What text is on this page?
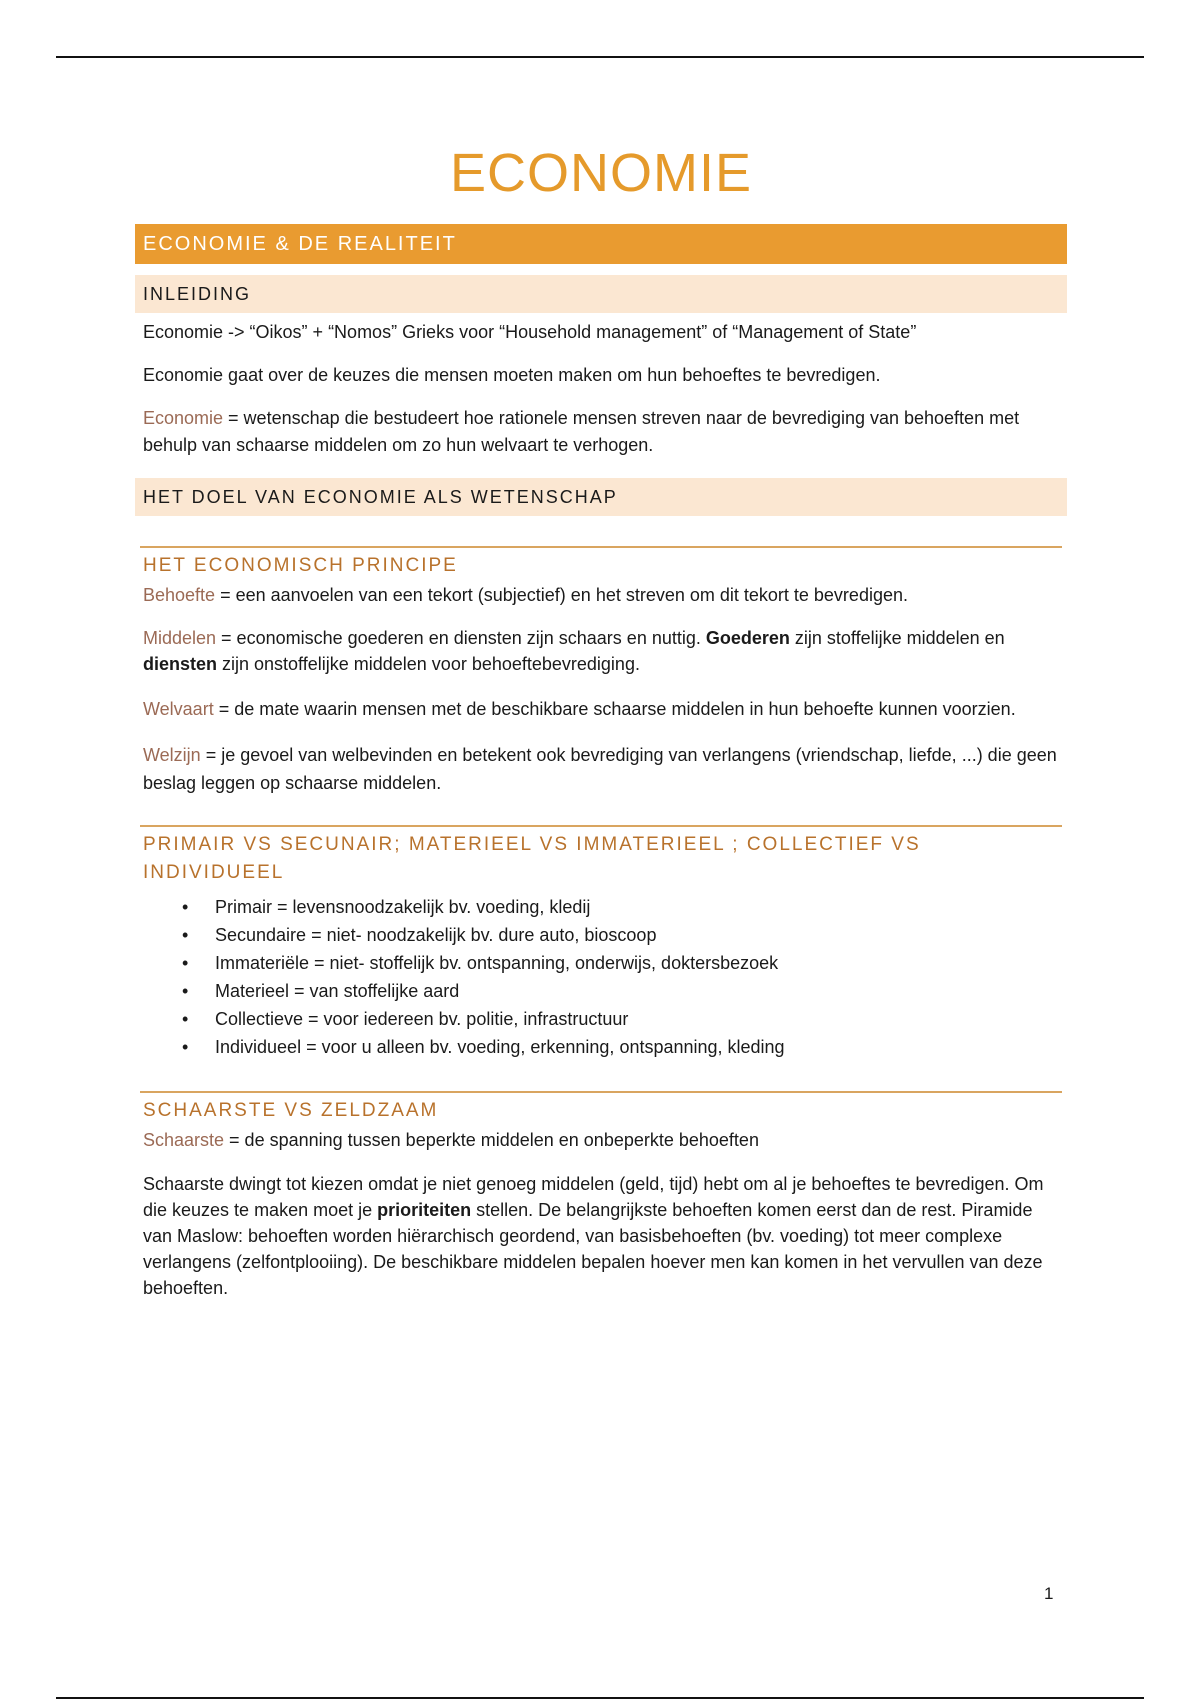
ECONOMIE
ECONOMIE & DE REALITEIT
INLEIDING

Economie -> “Oikos” + “Nomos” Grieks voor “Household management” of “Management of State”

Economie gaat over de keuzes die mensen moeten maken om hun behoeftes te bevredigen.

Economie = wetenschap die bestudeert hoe rationele mensen streven naar de bevrediging van behoeften met behulp van schaarse middelen om zo hun welvaart te verhogen.

HET DOEL VAN ECONOMIE ALS WETENSCHAP
HET ECONOMISCH PRINCIPE

Behoefte = een aanvoelen van een tekort (subjectief) en het streven om dit tekort te bevredigen.

Middelen = economische goederen en diensten zijn schaars en nuttig. Goederen zijn stoffelijke middelen en diensten zijn onstoffelijke middelen voor behoeftebevrediging.

Welvaart = de mate waarin mensen met de beschikbare schaarse middelen in hun behoefte kunnen voorzien.

Welzijn = je gevoel van welbevinden en betekent ook bevrediging van verlangens (vriendschap, liefde, ...) die geen beslag leggen op schaarse middelen.

PRIMAIR VS SECUNAIR; MATERIEEL VS IMMATERIEEL ; COLLECTIEF VS
INDIVIDUEEL
• Primair = levensnoodzakelijk bv. voeding, kledij
• Secundaire = niet- noodzakelijk bv. dure auto, bioscoop
• Immateriële = niet- stoffelijk bv. ontspanning, onderwijs, doktersbezoek
• Materieel = van stoffelijke aard
• Collectieve = voor iedereen bv. politie, infrastructuur
• Individueel = voor u alleen bv. voeding, erkenning, ontspanning, kleding
SCHAARSTE VS ZELDZAAM

Schaarste = de spanning tussen beperkte middelen en onbeperkte behoeften

Schaarste dwingt tot kiezen omdat je niet genoeg middelen (geld, tijd) hebt om al je behoeftes te bevredigen. Om die keuzes te maken moet je prioriteiten stellen. De belangrijkste behoeften komen eerst dan de rest. Piramide van Maslow: behoeften worden hiërarchisch geordend, van basisbehoeften (bv. voeding) tot meer complexe verlangens (zelfontplooiing). De beschikbare middelen bepalen hoever men kan komen in het vervullen van deze behoeften.

1
